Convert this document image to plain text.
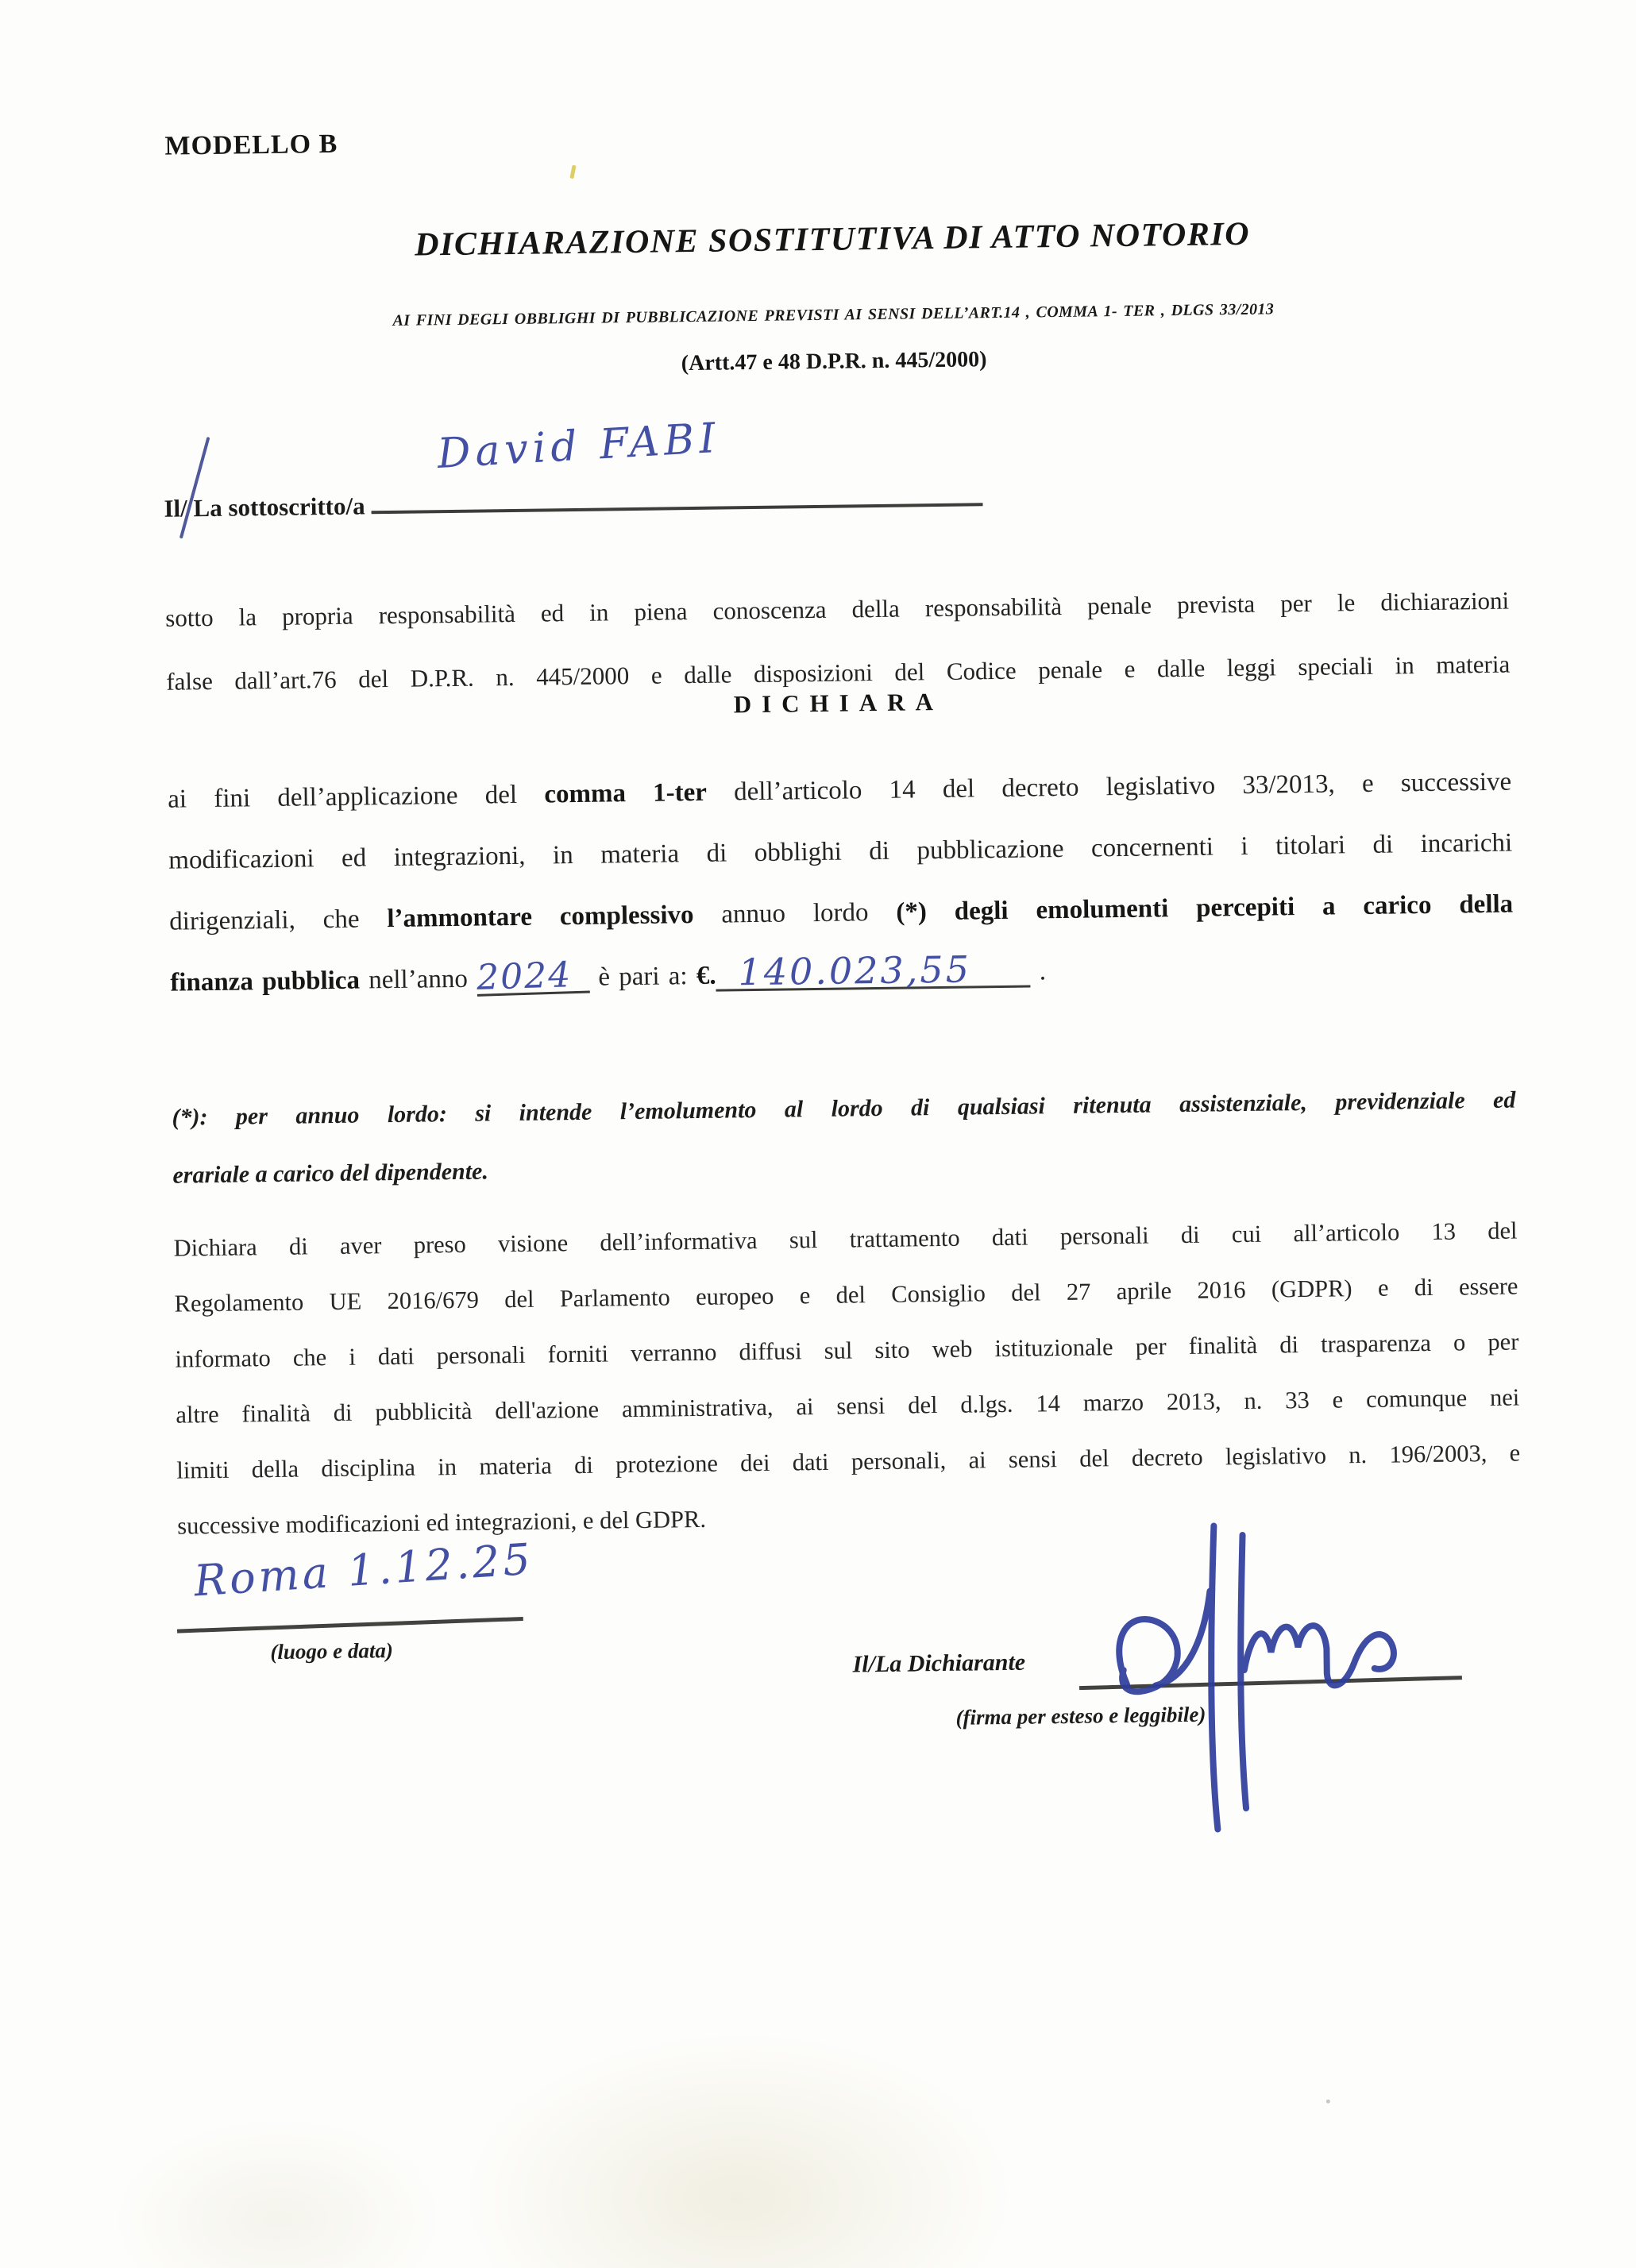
MODELLO B
DICHIARAZIONE SOSTITUTIVA DI ATTO NOTORIO
AI FINI DEGLI OBBLIGHI DI PUBBLICAZIONE PREVISTI AI SENSI DELL’ART.14 , COMMA 1- TER , DLGS 33/2013
(Artt.47 e 48 D.P.R. n. 445/2000)
Il/ La sottoscritto/a
David FABI
sotto la propria responsabilità ed in piena conoscenza della responsabilità penale prevista per le dichiarazioni
false dall’art.76 del D.P.R. n. 445/2000 e dalle disposizioni del Codice penale e dalle leggi speciali in materia
DICHIARA
ai fini dell’applicazione del comma 1-ter dell’articolo 14 del decreto legislativo 33/2013, e successive
modificazioni ed integrazioni, in materia di obblighi di pubblicazione concernenti i titolari di incarichi
dirigenziali, che l’ammontare complessivo annuo lordo (*) degli emolumenti percepiti a carico della
finanza pubblica nell’anno 2024 è pari a: €. 140.023,55 .
(*): per annuo lordo: si intende l’emolumento al lordo di qualsiasi ritenuta assistenziale, previdenziale ed
erariale a carico del dipendente.
Dichiara di aver preso visione dell’informativa sul trattamento dati personali di cui all’articolo 13 del
Regolamento UE 2016/679 del Parlamento europeo e del Consiglio del 27 aprile 2016 (GDPR) e di essere
informato che i dati personali forniti verranno diffusi sul sito web istituzionale per finalità di trasparenza o per
altre finalità di pubblicità dell'azione amministrativa, ai sensi del d.lgs. 14 marzo 2013, n. 33 e comunque nei
limiti della disciplina in materia di protezione dei dati personali, ai sensi del decreto legislativo n. 196/2003, e
successive modificazioni ed integrazioni, e del GDPR.
Roma 1.12.25
(luogo e data)	Il/La Dichiarante
(firma per esteso e leggibile)
